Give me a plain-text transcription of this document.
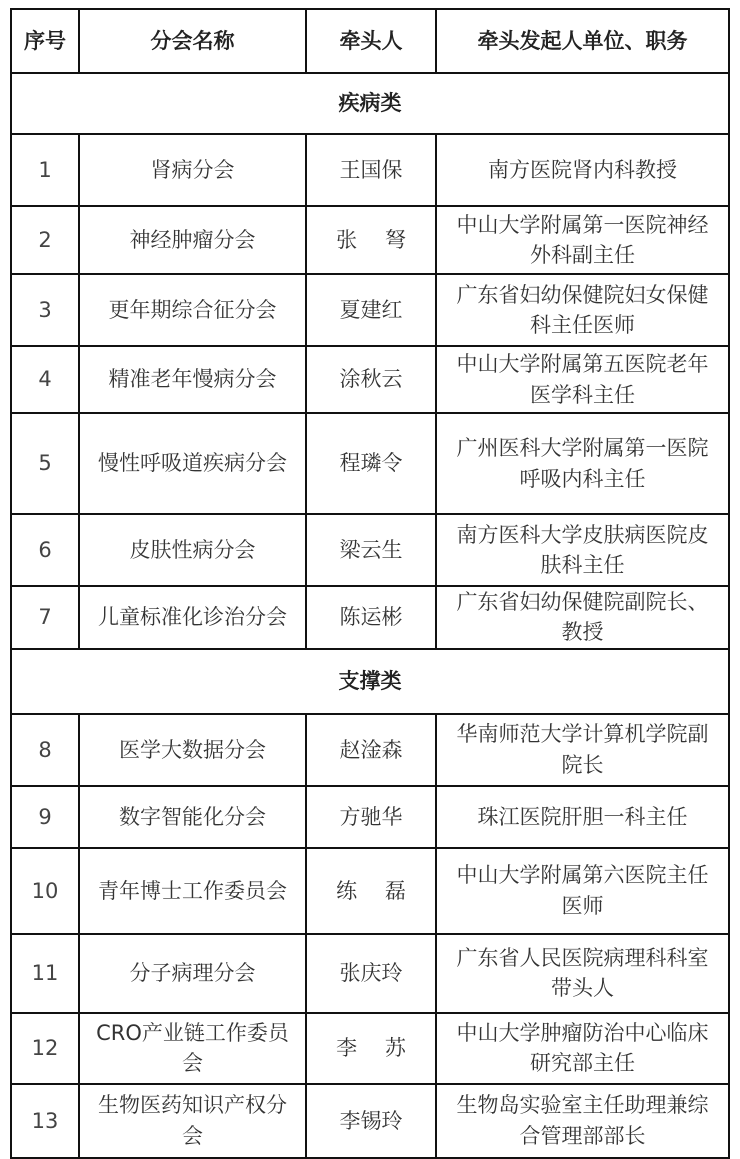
序号	分会名称	牵头人	牵头发起人单位、职务
疾病类			
1	肾病分会	王国保	南方医院肾内科教授
2	神经肿瘤分会	张　 弩	中山大学附属第一医院神经外科副主任
3	更年期综合征分会	夏建红	广东省妇幼保健院妇女保健科主任医师
4	精准老年慢病分会	涂秋云	中山大学附属第五医院老年医学科主任
5	慢性呼吸道疾病分会	程璘令	广州医科大学附属第一医院呼吸内科主任
6	皮肤性病分会	梁云生	南方医科大学皮肤病医院皮肤科主任
7	儿童标准化诊治分会	陈运彬	广东省妇幼保健院副院长、教授
支撑类			
8	医学大数据分会	赵淦森	华南师范大学计算机学院副院长
9	数字智能化分会	方驰华	珠江医院肝胆一科主任
10	青年博士工作委员会	练　 磊	中山大学附属第六医院主任医师
11	分子病理分会	张庆玲	广东省人民医院病理科科室带头人
12	CRO产业链工作委员会	李　 苏	中山大学肿瘤防治中心临床研究部主任
13	生物医药知识产权分会	李锡玲	生物岛实验室主任助理兼综合管理部部长
